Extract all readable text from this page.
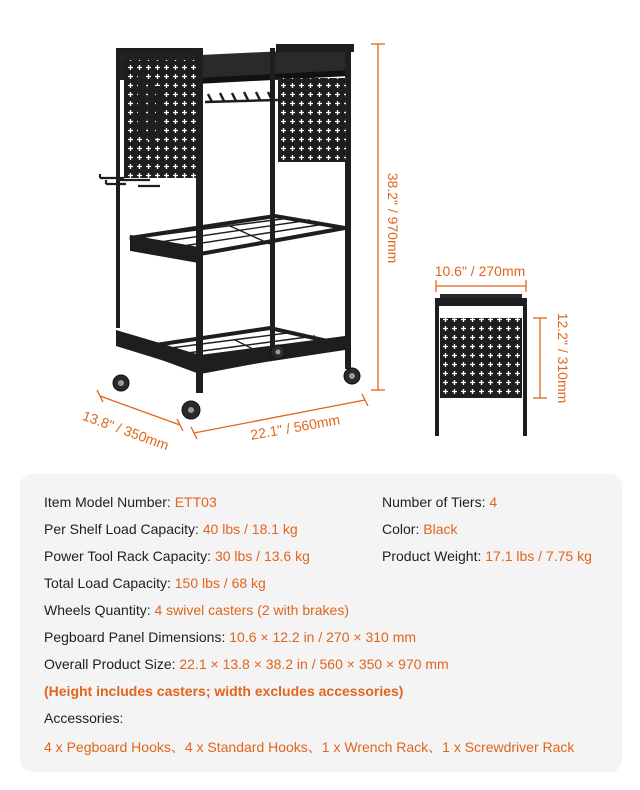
38.2" / 970mm
13.8" / 350mm	22.1" / 560mm
10.6" / 270mm
12.2" / 310mm
Item Model Number: ETT03	Number of Tiers: 4
Per Shelf Load Capacity: 40 lbs / 18.1 kg	Color: Black
Power Tool Rack Capacity: 30 lbs / 13.6 kg	Product Weight: 17.1 lbs / 7.75 kg
Total Load Capacity: 150 lbs / 68 kg
Wheels Quantity: 4 swivel casters (2 with brakes)
Pegboard Panel Dimensions: 10.6 × 12.2 in / 270 × 310 mm
Overall Product Size: 22.1 × 13.8 × 38.2 in / 560 × 350 × 970 mm
(Height includes casters; width excludes accessories)
Accessories:
4 x Pegboard Hooks、4 x Standard Hooks、1 x Wrench Rack、1 x Screwdriver Rack
